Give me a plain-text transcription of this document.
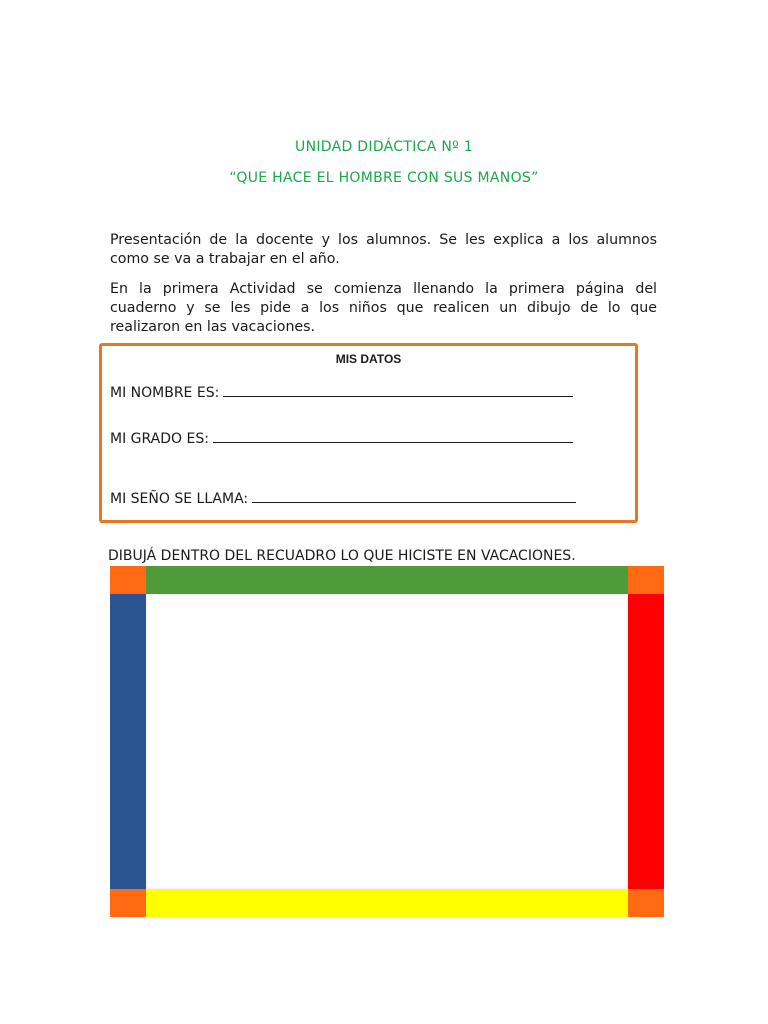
UNIDAD DIDÁCTICA Nº 1
“QUE HACE EL HOMBRE CON SUS MANOS”

Presentación de la docente y los alumnos. Se les explica a los alumnos como se va a trabajar en el año.

En la primera Actividad se comienza llenando la primera página del cuaderno y se les pide a los niños que realicen un dibujo de lo que realizaron en las vacaciones.

MIS DATOS
MI NOMBRE ES:
MI GRADO ES:
MI SEÑO SE LLAMA:
DIBUJÁ DENTRO DEL RECUADRO LO QUE HICISTE EN VACACIONES.
